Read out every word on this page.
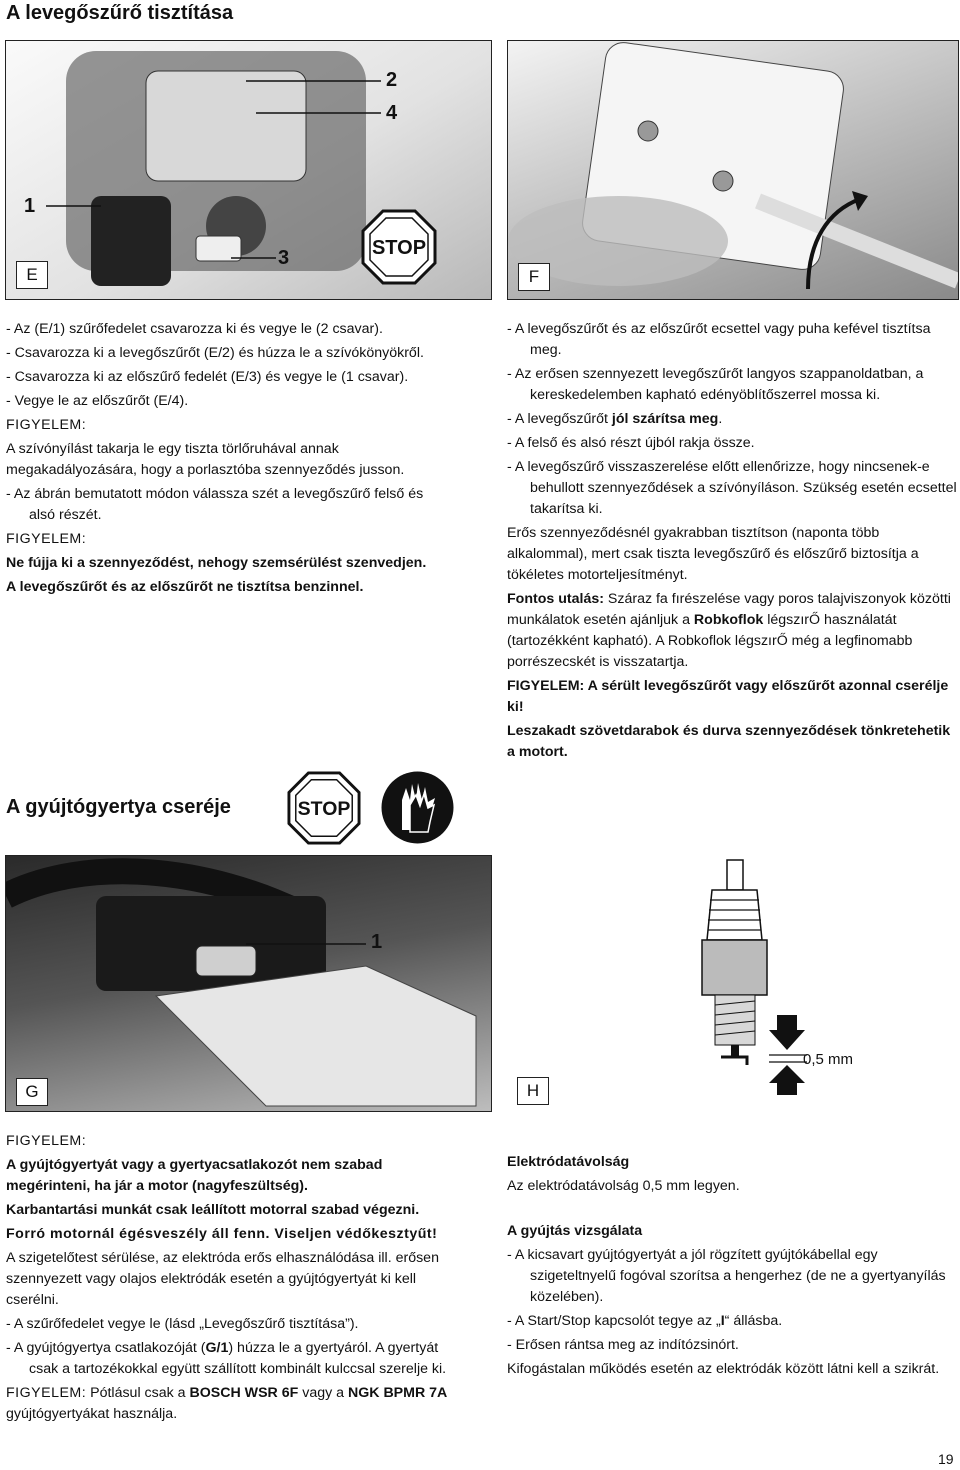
A levegőszűrő tisztítása
1
2
4
3	STOP
E	F

- Az (E/1) szűrőfedelet csavarozza ki és vegye le (2 csavar).

- Csavarozza ki a levegőszűrőt (E/2) és húzza le a szívókönyökről.

- Csavarozza ki az előszűrő fedelét (E/3) és vegye le (1 csavar).

- Vegye le az előszűrőt (E/4).

FIGYELEM:

A szívónyílást takarja le egy tiszta törlőruhával annak megakadályozására, hogy a porlasztóba szennyeződés jusson.

- Az ábrán bemutatott módon válassza szét a levegőszűrő felső és alsó részét.

FIGYELEM:

Ne fújja ki a szennyeződést, nehogy szemsérülést szenvedjen.

A levegőszűrőt és az előszűrőt ne tisztítsa benzinnel.

- A levegőszűrőt és az előszűrőt ecsettel vagy puha kefével tisztítsa meg.

- Az erősen szennyezett levegőszűrőt langyos szappanoldatban, a kereskedelemben kapható edényöblítőszerrel mossa ki.

- A levegőszűrőt jól szárítsa meg.

- A felső és alsó részt újból rakja össze.

- A levegőszűrő visszaszerelése előtt ellenőrizze, hogy nincsenek-e behullott szennyeződések a szívónyíláson. Szükség esetén ecsettel takarítsa ki.

Erős szennyeződésnél gyakrabban tisztítson (naponta több alkalommal), mert csak tiszta levegőszűrő és előszűrő biztosítja a tökéletes motorteljesítményt.

Fontos utalás: Száraz fa fırészelése vagy poros talajviszonyok közötti munkálatok esetén ajánljuk a Robkoflok légszırŐ használatát (tartozékként kapható). A Robkoflok légszırŐ még a legfinomabb porrészecskét is visszatartja.

FIGYELEM: A sérült levegőszűrőt vagy előszűrőt azonnal cserélje ki!

Leszakadt szövetdarabok és durva szennyeződések tönkretehetik a motort.

A gyújtógyertya cseréje	STOP
1
G
0,5 mm
H

FIGYELEM:

A gyújtógyertyát vagy a gyertyacsatlakozót nem szabad megérinteni, ha jár a motor (nagyfeszültség).

Karbantartási munkát csak leállított motorral szabad végezni.

Forró motornál égésveszély áll fenn. Viseljen védőkesztyűt!

A szigetelőtest sérülése, az elektróda erős elhasználódása ill. erősen szennyezett vagy olajos elektródák esetén a gyújtógyertyát ki kell cserélni.

- A szűrőfedelet vegye le (lásd „Levegőszűrő tisztítása”).

- A gyújtógyertya csatlakozóját (G/1) húzza le a gyertyáról. A gyertyát csak a tartozékokkal együtt szállított kombinált kulccsal szerelje ki.

FIGYELEM: Pótlásul csak a BOSCH WSR 6F vagy a NGK BPMR 7A gyújtógyertyákat használja.

Elektródatávolság

Az elektródatávolság 0,5 mm legyen.

A gyújtás vizsgálata

- A kicsavart gyújtógyertyát a jól rögzített gyújtókábellal egy szigeteltnyelű fogóval szorítsa a hengerhez (de ne a gyertyanyílás közelében).

- A Start/Stop kapcsolót tegye az „I“ állásba.

- Erősen rántsa meg az indítózsinórt.

Kifogástalan működés esetén az elektródák között látni kell a szikrát.

19
